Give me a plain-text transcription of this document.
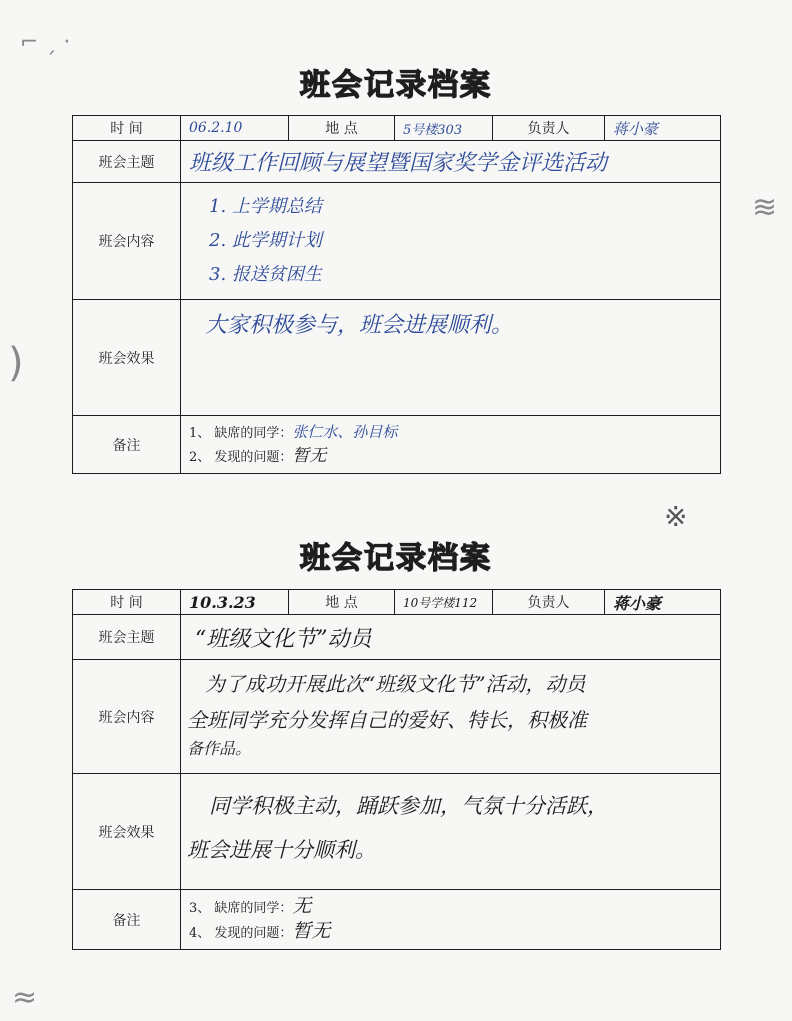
⌐ ˏ ·
)
≋
※
≈
班会记录档案
时 间	06.2.10	地 点	5号楼303	负责人	蒋小豪
班会主题	班级工作回顾与展望暨国家奖学金评选活动				
班会内容	1. 上学期总结
2. 此学期计划
3. 报送贫困生				

班会效果	大家积极参与，班会进展顺利。				

备注	1、 缺席的同学：张仁水、孙目标
2、 发现的问题：暂无				
班会记录档案
时 间	10.3.23	地 点	10号学楼112	负责人	蒋小豪
班会主题	“班级文化节”动员				
班会内容	为了成功开展此次“班级文化节”活动，动员
全班同学充分发挥自己的爱好、特长，积极准
备作品。				

班会效果	同学积极主动，踊跃参加，气氛十分活跃，
班会进展十分顺利。				

备注	3、 缺席的同学：无
4、 发现的问题：暂无				
